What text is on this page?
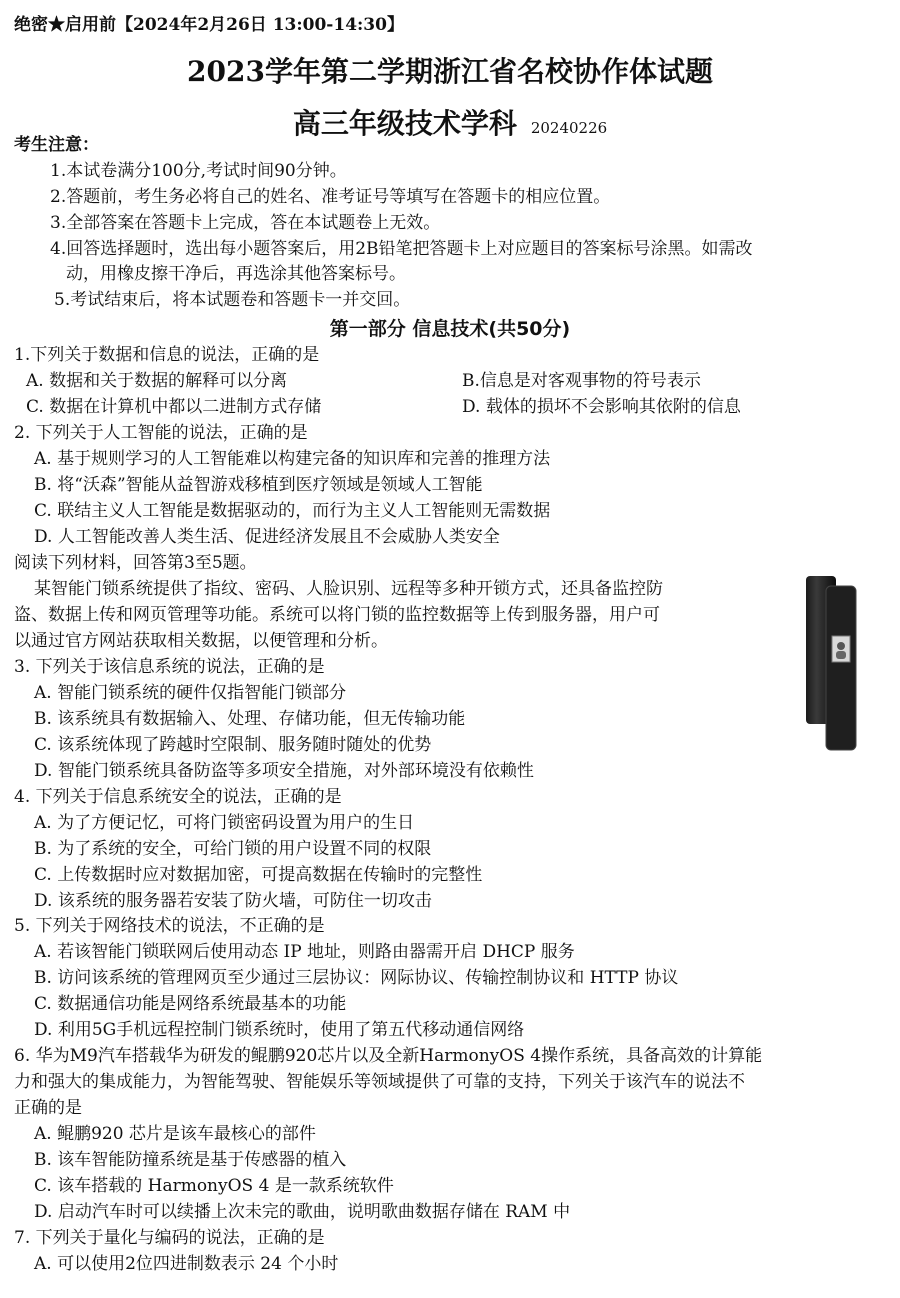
绝密★启用前【2024年2月26日 13:00-14:30】
2023学年第二学期浙江省名校协作体试题
高三年级技术学科 20240226
考生注意：
1.本试卷满分100分,考试时间90分钟。
2.答题前，考生务必将自己的姓名、准考证号等填写在答题卡的相应位置。
3.全部答案在答题卡上完成，答在本试题卷上无效。
4.回答选择题时，选出每小题答案后，用2B铅笔把答题卡上对应题目的答案标号涂黑。如需改
动，用橡皮擦干净后，再选涂其他答案标号。
5.考试结束后，将本试题卷和答题卡一并交回。
第一部分 信息技术(共50分)
1.下列关于数据和信息的说法，正确的是
A. 数据和关于数据的解释可以分离	B.信息是对客观事物的符号表示
C. 数据在计算机中都以二进制方式存储	D. 载体的损坏不会影响其依附的信息
2. 下列关于人工智能的说法，正确的是
A. 基于规则学习的人工智能难以构建完备的知识库和完善的推理方法
B. 将“沃森”智能从益智游戏移植到医疗领域是领域人工智能
C. 联结主义人工智能是数据驱动的，而行为主义人工智能则无需数据
D. 人工智能改善人类生活、促进经济发展且不会威胁人类安全
阅读下列材料，回答第3至5题。
某智能门锁系统提供了指纹、密码、人脸识别、远程等多种开锁方式，还具备监控防
盗、数据上传和网页管理等功能。系统可以将门锁的监控数据等上传到服务器，用户可
以通过官方网站获取相关数据，以便管理和分析。
3. 下列关于该信息系统的说法，正确的是
A. 智能门锁系统的硬件仅指智能门锁部分
B. 该系统具有数据输入、处理、存储功能，但无传输功能
C. 该系统体现了跨越时空限制、服务随时随处的优势
D. 智能门锁系统具备防盗等多项安全措施，对外部环境没有依赖性
4. 下列关于信息系统安全的说法，正确的是
A. 为了方便记忆，可将门锁密码设置为用户的生日
B. 为了系统的安全，可给门锁的用户设置不同的权限
C. 上传数据时应对数据加密，可提高数据在传输时的完整性
D. 该系统的服务器若安装了防火墙，可防住一切攻击
5. 下列关于网络技术的说法，不正确的是
A. 若该智能门锁联网后使用动态 IP 地址，则路由器需开启 DHCP 服务
B. 访问该系统的管理网页至少通过三层协议：网际协议、传输控制协议和 HTTP 协议
C. 数据通信功能是网络系统最基本的功能
D. 利用5G手机远程控制门锁系统时，使用了第五代移动通信网络
6. 华为M9汽车搭载华为研发的鲲鹏920芯片以及全新HarmonyOS 4操作系统，具备高效的计算能
力和强大的集成能力，为智能驾驶、智能娱乐等领域提供了可靠的支持，下列关于该汽车的说法不
正确的是
A. 鲲鹏920 芯片是该车最核心的部件
B. 该车智能防撞系统是基于传感器的植入
C. 该车搭载的 HarmonyOS 4 是一款系统软件
D. 启动汽车时可以续播上次未完的歌曲，说明歌曲数据存储在 RAM 中
7. 下列关于量化与编码的说法，正确的是
A. 可以使用2位四进制数表示 24 个小时
